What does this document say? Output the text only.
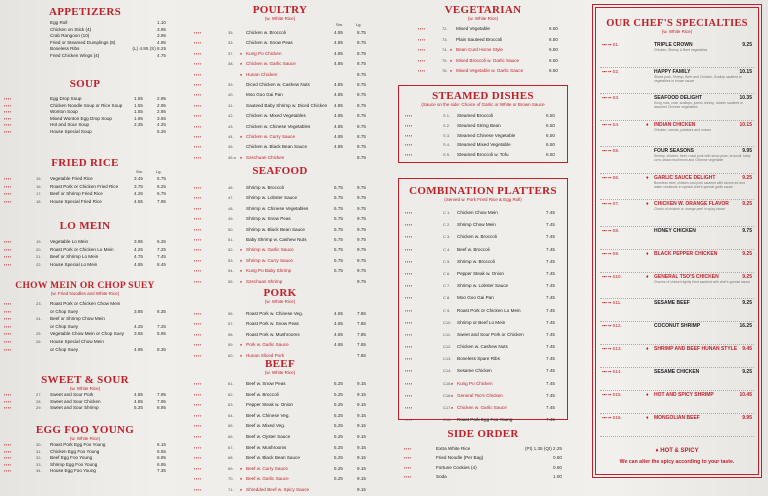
APPETIZERS
Egg Roll	1.10
Chicken on Stick (4)	3.95
Crab Rangoon (10)	3.95
Fried or Steamed Dumplings (8)	4.95
Boneless Ribs	(L) 4.95 (S) 8.25
Fried Chicken Wings (4)	4.75
SOUP
▪▪▪▪	Egg Drop Soup	1.55	2.95
▪▪▪▪	Chicken Noodle Soup or Rice Soup	1.55	2.95
▪▪▪▪	Wonton Soup	1.55	2.95
▪▪▪▪	Mixed Wonton Egg Drop Soup	1.95	3.65
▪▪▪▪	Hot and Sour Soup	2.35	4.25
▪▪▪▪	House Special Soup	5.25
FRIED RICE
Sm.	Lg.
▪▪▪▪	15. Vegetable Fried Rice	3.45	5.75
▪▪▪▪	16. Roast Pork or Chicken Fried Rice	3.75	6.25
▪▪▪▪	17. Beef or Shrimp Fried Rice	4.25	6.75
▪▪▪▪	18. House Special Fried Rice	4.55	7.95
LO MEIN
▪▪▪▪	19. Vegetable Lo Mein	3.95	6.25
▪▪▪▪	20. Roast Pork or Chicken Lo Mein	4.25	7.25
▪▪▪▪	21. Beef or Shrimp Lo Mein	4.75	7.45
▪▪▪▪	22. House Special Lo Mein	4.85	8.45
CHOW MEIN OR CHOP SUEY
(w. Fried Noodles and White Rice)
▪▪▪▪	23. Roast Pork or Chicken Chow Mein
▪▪▪▪	or Chop Suey	3.85	6.35
▪▪▪▪	24. Beef or Shrimp Chow Mein
▪▪▪▪	or Chop Suey	4.25	7.25
▪▪▪▪	25. Vegetable Chow Mein or Chop Suey 3.55	5.95
▪▪▪▪	26. House Special Chow Mein
▪▪▪▪	or Chop Suey	4.95	8.35
SWEET & SOUR
(w. White Rice)
▪▪▪▪	27. Sweet and Sour Pork	4.85	7.95
▪▪▪▪	28. Sweet and Sour Chicken	4.85	7.95
▪▪▪▪	29. Sweet and Sour Shrimp	5.25	8.95
EGG FOO YOUNG
(w. White Rice)
▪▪▪▪	30. Roast Pork Egg Foo Young	6.15
▪▪▪▪	31. Chicken Egg Foo Young	6.55
▪▪▪▪	32. Beef Egg Foo Young	6.95
▪▪▪▪	33. Shrimp Egg Foo Young	6.95
▪▪▪▪	34. House Egg Foo Young	7.35
POULTRY
(w. White Rice)
Sm.	Lg.
▪▪▪▪	35.	Chicken w. Broccoli	4.85	8.75
▪▪▪▪	33.	Chicken w. Snow Peas	4.85	8.75
▪▪▪▪	37.	Kung Po Chicken	4.85	8.75
♦
▪▪▪▪	38.	Chicken w. Garlic Sauce	4.85	8.75
♦
▪▪▪▪	Hunan Chicken	8.75
♦
▪▪▪▪	39.	Diced Chicken w. Cashew Nuts	4.85	8.75
▪▪▪▪	40.	Moo Goo Gai Pan	4.85	8.75
▪▪▪▪	41.	Sauteed Baby Shrimp w. Diced Chicken 4.85	8.75
▪▪▪▪	42.	Chicken w. Mixed Vegetables	4.85	8.75
▪▪▪▪	43.	Chicken w. Chinese Vegetables	4.85	8.75
▪▪▪▪	44.	Chicken w. Curry Sauce	4.85	8.75
♦
▪▪▪▪	45.	Chicken w. Black Bean Sauce	4.85	8.75
▪▪▪▪	45 a Szechuan Chicken	8.75
♦
SEAFOOD
▪▪▪▪	46.	Shrimp w. Broccoli	5.75	9.75
▪▪▪▪	47.	Shrimp w. Lobster Sauce	5.75	9.75
▪▪▪▪	48.	Shrimp w. Chinese Vegetables	5.75	9.75
▪▪▪▪	49.	Shrimp w. Snow Peas	5.75	9.75
▪▪▪▪	50.	Shrimp w. Black Bean Sauce	5.75	9.75
▪▪▪▪	51.	Baby Shrimp w. Cashew Nuts	5.75	9.75
▪▪▪▪	52.	Shrimp w. Garlic Sauce	5.75	9.75
♦
▪▪▪▪	53.	Shrimp w. Curry Sauce	5.75	9.75
♦
▪▪▪▪	54.	Kung Po Baby Shrimp	5.75	9.75
♦
▪▪▪▪	55.	Szechuan Shrimp	9.75
♦
PORK
(w. White Rice)
▪▪▪▪	56.	Roast Pork w. Chinese Veg.	4.65	7.85
▪▪▪▪	57.	Roast Pork w. Snow Peas	4.65	7.85
▪▪▪▪	58.	Roast Pork w. Mushrooms	4.65	7.85
▪▪▪▪	59.	Pork w. Garlic Sauce	4.65	7.85
♦
▪▪▪▪	60.	Hunan Sliced Pork	7.85
♦
BEEF
(w. White Rice)
▪▪▪▪	61.	Beef w. Snow Peas	5.25	9.15
▪▪▪▪	62.	Beef w. Broccoli	5.25	9.15
▪▪▪▪	63.	Pepper Steak w. Onion	5.25	9.15
▪▪▪▪	64.	Beef w. Chinese Veg.	5.25	9.15
▪▪▪▪	65.	Beef w. Mixed Veg.	5.25	9.15
▪▪▪▪	66.	Beef w. Oyster Sauce	5.25	9.15
▪▪▪▪	67.	Beef w. Mushrooms	5.25	9.15
▪▪▪▪	68.	Beef w. Black Bean Sauce	5.25	9.15
▪▪▪▪	69.	Beef w. Curry Sauce	5.25	9.15
♦
▪▪▪▪	70.	Beef w. Garlic Sauce	5.25	9.15
♦
▪▪▪▪	71.	Shredded Beef w. Spicy Sauce	9.15
♦
VEGETARIAN
(w. White Rice)
▪▪▪▪	72. Mixed Vegetable	6.50
▪▪▪▪	73. Plain Sauteed Broccoli	6.50
▪▪▪▪	74. Bean Curd Home Style	6.50
♦
▪▪▪▪	75. Mixed Broccoli w. Garlic Sauce	6.50
♦
▪▪▪▪	76. Mixed Vegetable w. Garlic Sauce	6.50
♦
STEAMED DISHES
(Sauce on the side: Choice of Garlic or White or Brown Sauce
▪▪▪▪	S 1. Steamed Broccoli	6.50
▪▪▪▪	S 2. Steamed String Bean	6.50
▪▪▪▪	S 3. Steamed Chinese Vegetable	6.50
▪▪▪▪	S 4. Steamed Mixed Vegetable	6.50
▪▪▪▪	S 5. Steamed Broccoli w. Tofu	6.50
COMBINATION PLATTERS
(Served w. Pork Fried Rice & Egg Roll)
▪▪▪▪	C 1. Chicken Chow Mein	7.45
▪▪▪▪	C 2. Shrimp Chow Mein	7.45
▪▪▪▪	C 3. Chicken w. Broccoli	7.45
▪▪▪▪	C 4. Beef w. Broccoli	7.45
▪▪▪▪	C 5. Shrimp w. Broccoli	7.45
▪▪▪▪	C 6. Pepper Steak w. Onion	7.45
▪▪▪▪	C 7. Shrimp w. Lobster Sauce	7.45
▪▪▪▪	C 8. Moo Goo Gai Pan	7.45
▪▪▪▪	C 9. Roast Pork or Chicken Lo Mein	7.45
▪▪▪▪	C10. Shrimp or Beef Lo Mein	7.45
▪▪▪▪	C11. Sweet and Sour Pork or Chicken	7.45
▪▪▪▪	C12. Chicken w. Cashew Nuts	7.45
▪▪▪▪	C13. Boneless Spare Ribs	7.45
▪▪▪▪	C14. Sesame Chicken	7.45
▪▪▪▪	C15. Kung Po Chicken	7.45
♦
▪▪▪▪	C16. General Tso's Chicken	7.45
♦
▪▪▪▪	C17. Chicken w. Garlic Sauce	7.45
♦
▪▪▪▪	C18. Roast Pork Egg Foo Young	7.45
SIDE ORDER
▪▪▪▪	Extra White Rice	(Pt) 1.35 (Qt) 2.25
▪▪▪▪	Fried Noodle (Per Bag)	0.50
▪▪▪▪	Fortune Cookies (4)	0.50
▪▪▪▪	Soda	1.00
OUR CHEF'S SPECIALTIES
(w. White Rice)
▪▪▪ ▪▪ S1.	TRIPLE CROWN	9.25
Chicken, Shrimp & Beef vegetables
▪▪▪ ▪▪ S2.	HAPPY FAMILY	10.15
Sliced pork, Shrimp, Beef and Chicken, Scallop sauteed w. vegetables in brown sauce
▪▪▪ ▪▪ S3.	SEAFOOD DELIGHT	10.35
Kung nuts, crab, scallops, jumbo shrimp, lobster sauteed w. assorted Chinese vegetables
▪▪▪ ▪▪ S4.	INDIAN CHICKEN	10.15
Chicken, carrots, potatoes and onions
♦
▪▪▪ ▪▪ S5.	FOUR SEASONS	9.95
Shrimp, chicken, beef, roast pork with snow peas, broccoli, baby corn, straw mushroom and Chinese vegetable
▪▪▪ ▪▪ S6.	GARLIC SAUCE DELIGHT	9.25
Boneless beef, chicken and pork sauteed with sliced red and water chestnuts in special chef's special garlic sauce
♦
▪▪▪ ▪▪ S7.	CHICKEN W. ORANGE FLAVOR	9.25
Chunk of chicken w. orange peel in spicy sauce
♦
▪▪▪ ▪▪ S8.	HONEY CHICKEN	9.75
▪▪▪ ▪▪ S9.	BLACK PEPPER CHICKEN	9.25
♦
▪▪▪ ▪▪ S10.	GENERAL TSO'S CHICKEN	9.25
Chunks of chicken lightly fried sauteed with chef's special sauce
♦
▪▪▪ ▪▪ S11.	SESAME BEEF	9.25
▪▪▪ ▪▪ S12.	COCONUT SHRIMP	16.25
▪▪▪ ▪▪ S13.	SHRIMP AND BEEF HUNAN STYLE 9.45
♦
▪▪▪ ▪▪ S14.	SESAME CHICKEN	9.25
▪▪▪ ▪▪ S15.	HOT AND SPICY SHRIMP	10.45
♦
▪▪▪ ▪▪ S16.	MONGOLIAN BEEF	9.95
♦
♦ HOT & SPICY
We can alter the spicy according to your taste.
